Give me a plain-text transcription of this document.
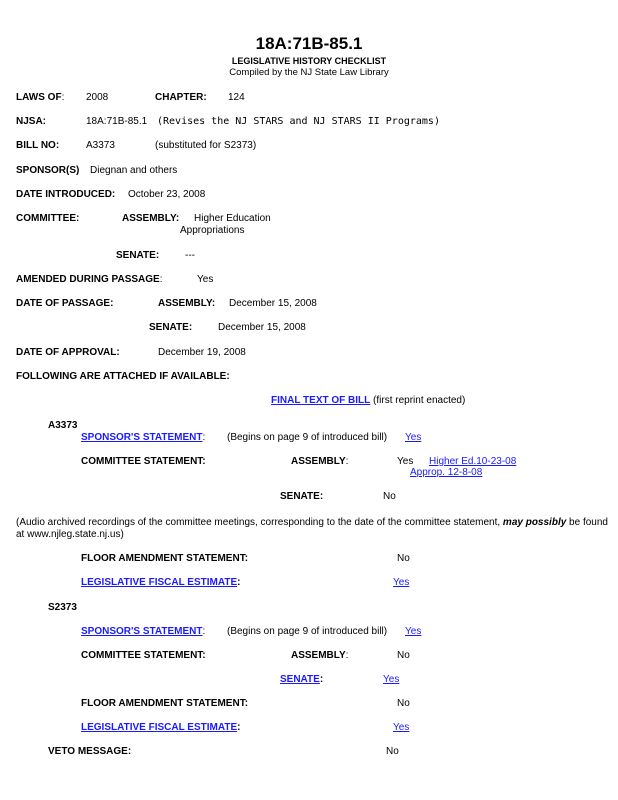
18A:71B-85.1
LEGISLATIVE HISTORY CHECKLIST
Compiled by the NJ State Law Library
LAWS OF: 2008	CHAPTER: 124
NJSA:	18A:71B-85.1 (Revises the NJ STARS and NJ STARS II Programs)
BILL NO:	A3373	(substituted for S2373)
SPONSOR(S) Diegnan and others
DATE INTRODUCED: October 23, 2008
COMMITTEE:	ASSEMBLY: Higher Education
Appropriations
SENATE:	---
AMENDED DURING PASSAGE:	Yes
DATE OF PASSAGE:	ASSEMBLY: December 15, 2008
SENATE:	December 15, 2008
DATE OF APPROVAL:	December 19, 2008
FOLLOWING ARE ATTACHED IF AVAILABLE:
FINAL TEXT OF BILL (first reprint enacted)
A3373
SPONSOR'S STATEMENT: (Begins on page 9 of introduced bill) Yes
COMMITTEE STATEMENT:	ASSEMBLY:	Yes Higher Ed.10-23-08
Approp. 12-8-08
SENATE:	No
(Audio archived recordings of the committee meetings, corresponding to the date of the committee statement, may possibly be found
at www.njleg.state.nj.us)
FLOOR AMENDMENT STATEMENT:	No
LEGISLATIVE FISCAL ESTIMATE:	Yes
S2373
SPONSOR'S STATEMENT: (Begins on page 9 of introduced bill) Yes
COMMITTEE STATEMENT:	ASSEMBLY:	No
SENATE:	Yes
FLOOR AMENDMENT STATEMENT:	No
LEGISLATIVE FISCAL ESTIMATE:	Yes
VETO MESSAGE:	No
